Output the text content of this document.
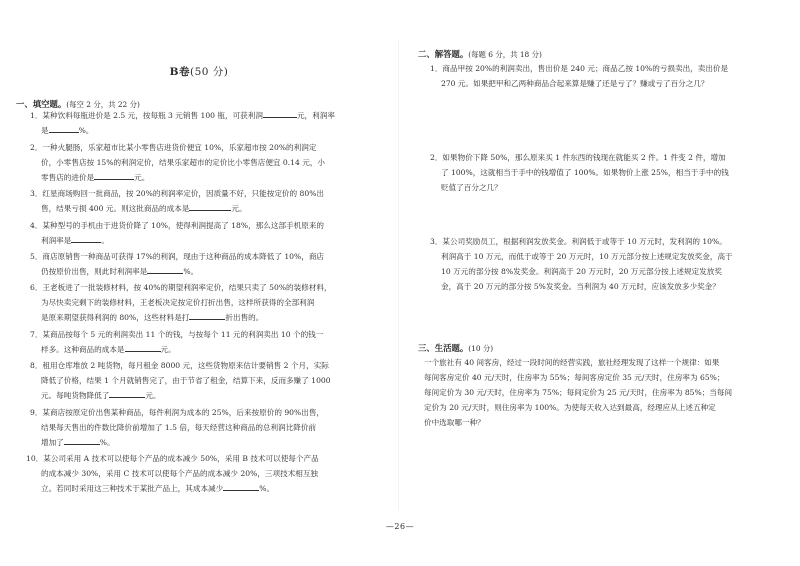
B卷(50 分)
一、填空题。(每空 2 分，共 22 分)
1．某种饮料每瓶进价是 2.5 元，按每瓶 3 元销售 100 瓶，可获利润	元，利润率
是	%。
2．一种火腿肠，乐家超市比某小零售店进货价便宜 10%，乐家超市按 20%的利润定
价，小零售店按 15%的利润定价，结果乐家超市的定价比小零售店便宜 0.14 元，小
零售店的进价是	元。
3．红星商场购回一批商品，按 20%的利润率定价，因质量不好，只能按定价的 80%出
售，结果亏损 400 元。则这批商品的成本是	元。
4．某种型号的手机由于进货价降了 10%，使得利润提高了 18%，那么这部手机原来的
利润率是	。
5．商店原销售一种商品可获得 17%的利润，现由于这种商品的成本降低了 10%，商店
仍按原价出售，则此时利润率是	%。
6．王老板进了一批装修材料，按 40%的期望利润率定价，结果只卖了 50%的装修材料，
为尽快卖完剩下的装修材料，王老板决定按定价打折出售，这样所获得的全部利润
是原来期望获得利润的 80%，这些材料是打	折出售的。
7．某商品按每个 5 元的利润卖出 11 个的钱，与按每个 11 元的利润卖出 10 个的钱一
样多。这种商品的成本是	元。
8．租用仓库堆放 2 吨货物，每月租金 8000 元，这些货物原来估计要销售 2 个月，实际
降低了价格，结果 1 个月就销售完了，由于节省了租金，结算下来，反而多赚了 1000
元。每吨货物降低了	元。
9．某商店按原定价出售某种商品，每件利润为成本的 25%，后来按原价的 90%出售，
结果每天售出的件数比降价前增加了 1.5 倍，每天经营这种商品的总利润比降价前
增加了	%。
10．某公司采用 A 技术可以使每个产品的成本减少 50%，采用 B 技术可以使每个产品
的成本减少 30%，采用 C 技术可以使每个产品的成本减少 20%，三项技术相互独
立。若同时采用这三种技术于某批产品上，其成本减少	%。
二、解答题。(每题 6 分，共 18 分)
1．商品甲按 20%的利润卖出，售出价是 240 元；商品乙按 10%的亏损卖出，卖出价是
270 元。如果把甲和乙两种商品合起来算是赚了还是亏了？赚或亏了百分之几？
2．如果物价下降 50%，那么原来买 1 件东西的钱现在就能买 2 件。1 件变 2 件，增加
了 100%，这就相当于手中的钱增值了 100%。如果物价上涨 25%，相当于手中的钱
贬值了百分之几？
3．某公司奖励员工，根据利润发放奖金。利润低于或等于 10 万元时，发利润的 10%。
利润高于 10 万元，而低于或等于 20 万元时，10 万元部分按上述规定发放奖金，高于
10 万元的部分按 8%发奖金。利润高于 20 万元时，20 万元部分按上述规定发放奖
金，高于 20 万元的部分按 5%发奖金。当利润为 40 万元时，应该发放多少奖金？
三、生活题。(10 分)
一个旅社有 40 间客房，经过一段时间的经营实践，旅社经理发现了这样一个规律：如果
每间客房定价 40 元/天时，住房率为 55%；每间客房定价 35 元/天时，住房率为 65%；
每间定价为 30 元/天时，住房率为 75%；每间定价为 25 元/天时，住房率为 85%；当每间
定价为 20 元/天时，则住房率为 100%。为使每天收入达到最高，经理应从上述五种定
价中选取哪一种？
—26—
